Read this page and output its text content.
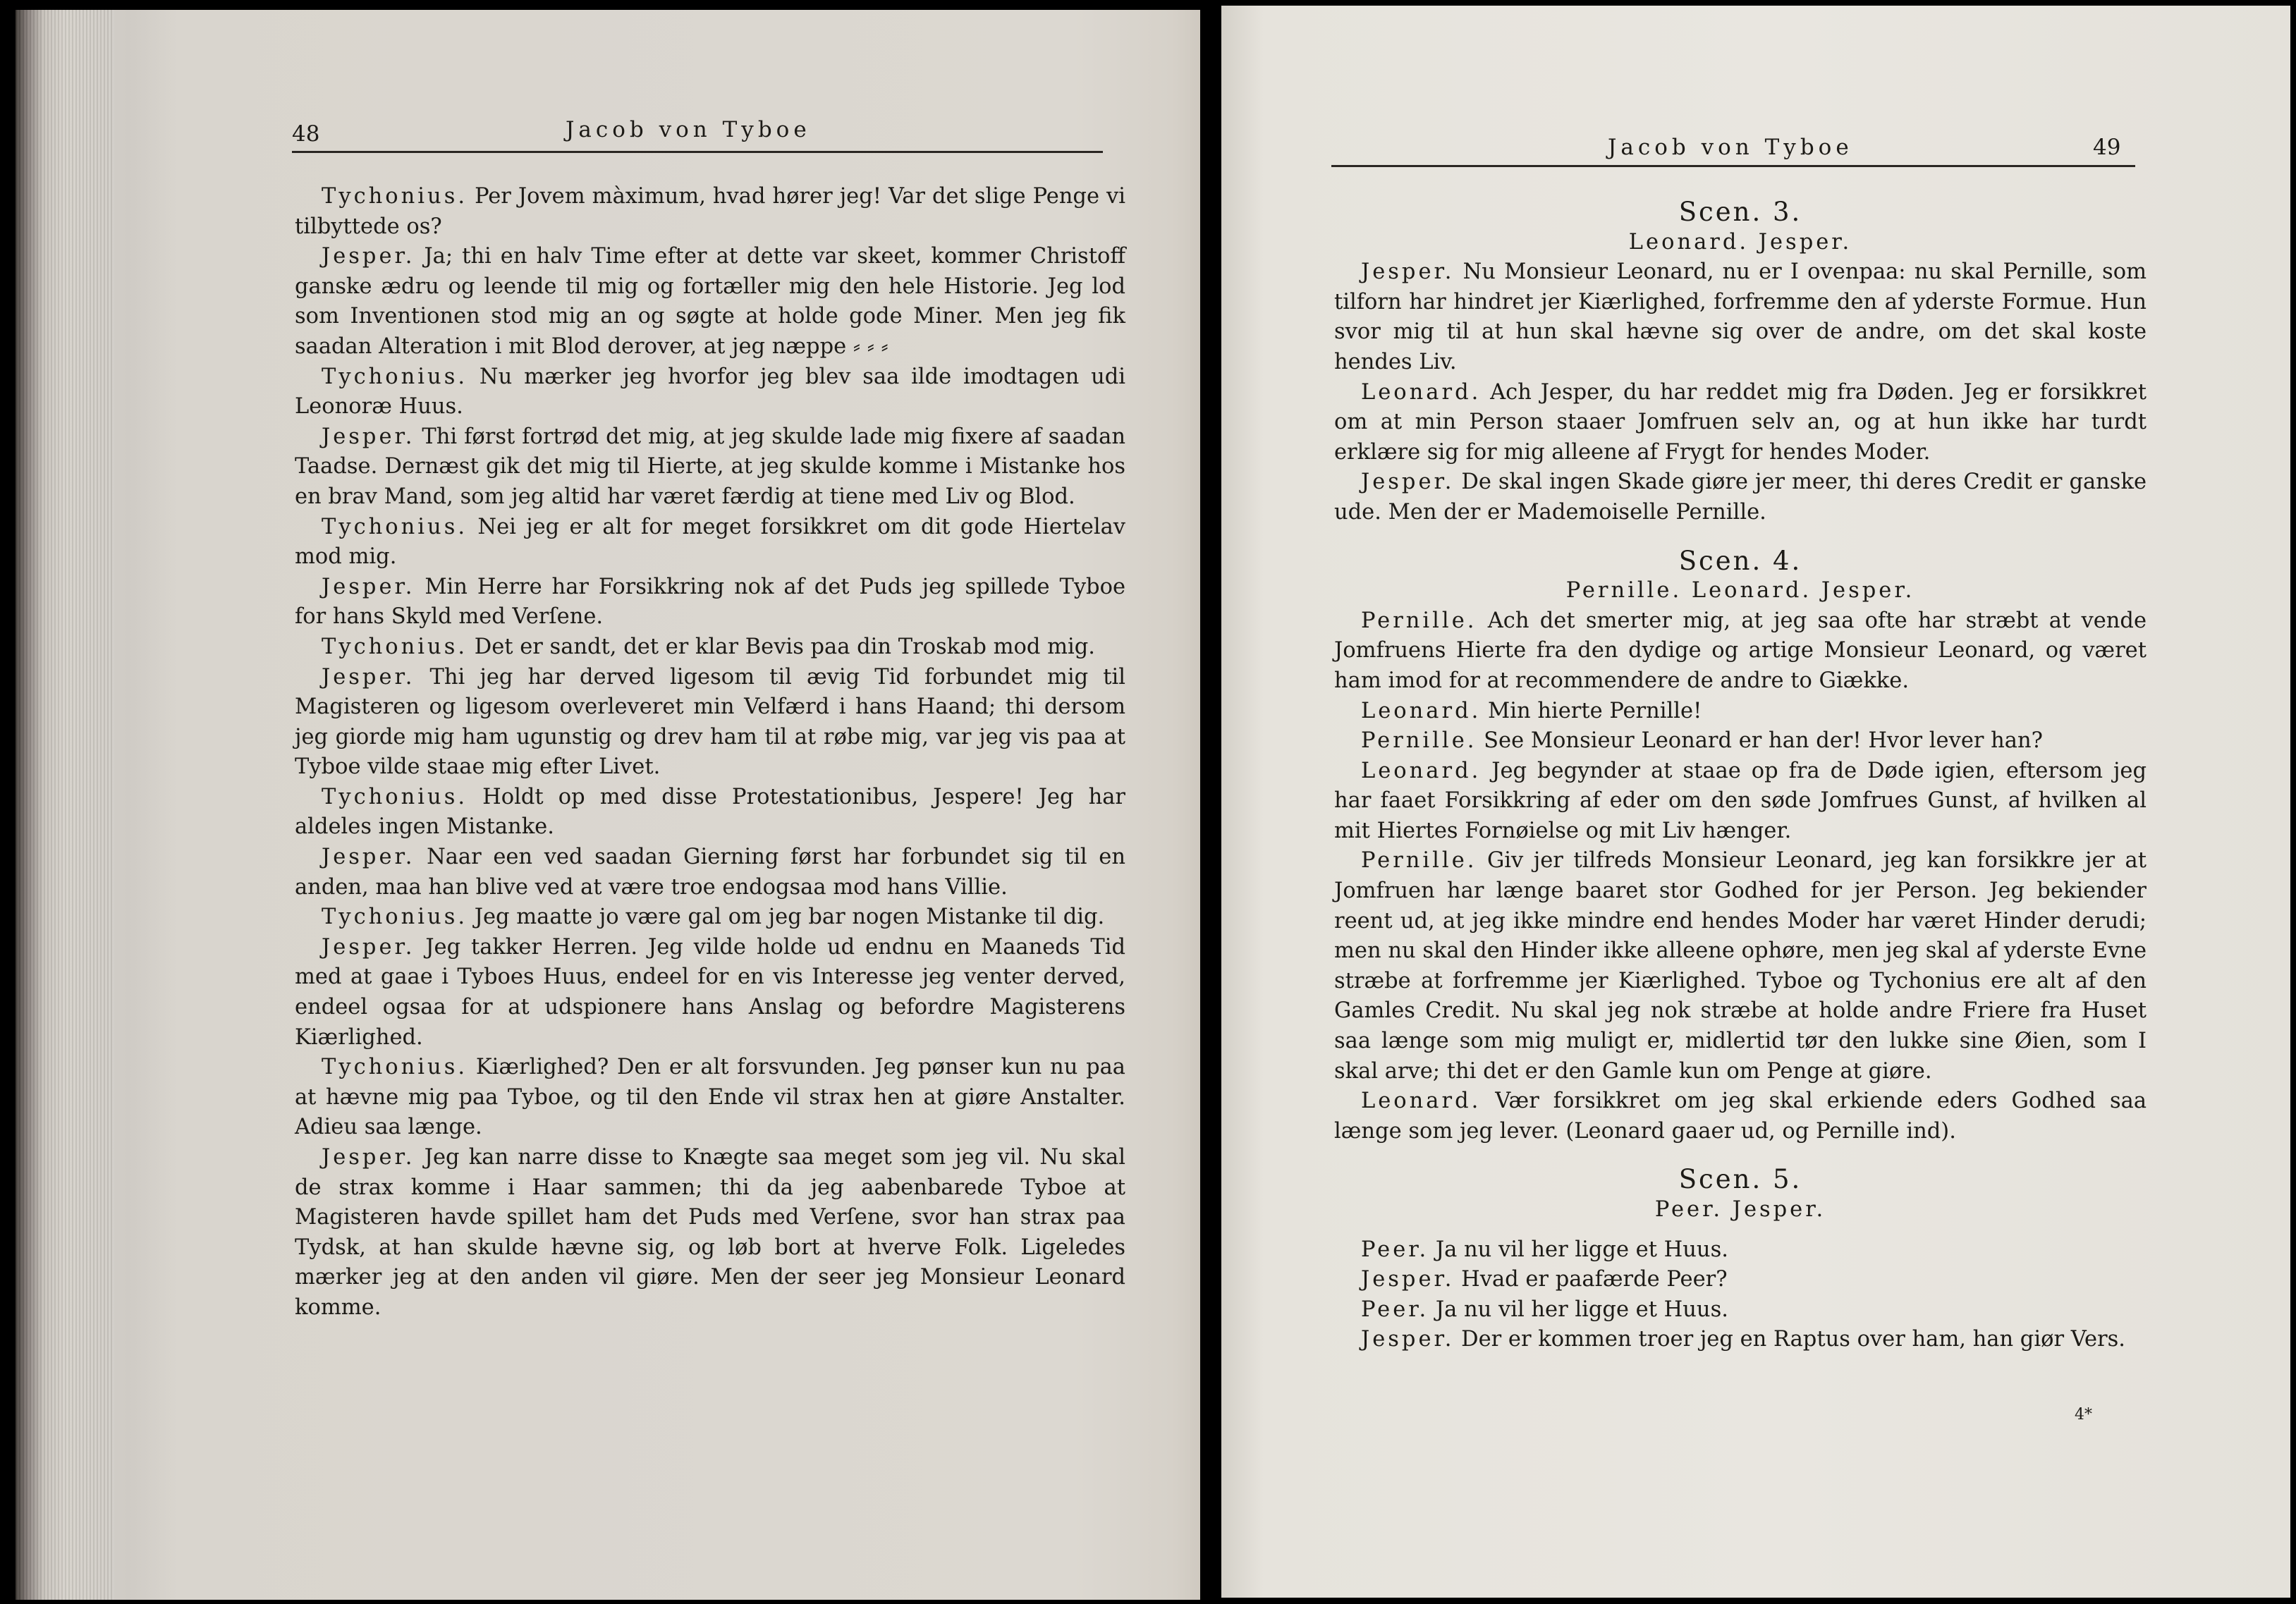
48	Jacob von Tyboe

Tychonius. Per Jovem màximum, hvad hører jeg! Var det slige Penge vi tilbyttede os?

Jesper. Ja; thi en halv Time efter at dette var skeet, kommer Christoff ganske ædru og leende til mig og fortæller mig den hele Historie. Jeg lod som Inventionen stod mig an og søgte at holde gode Miner. Men jeg fik saadan Alteration i mit Blod derover, at jeg næppe ⸗ ⸗ ⸗

Tychonius. Nu mærker jeg hvorfor jeg blev saa ilde imodtagen udi Leonoræ Huus.

Jesper. Thi først fortrød det mig, at jeg skulde lade mig fixere af saadan Taadse. Dernæst gik det mig til Hierte, at jeg skulde komme i Mistanke hos en brav Mand, som jeg altid har været færdig at tiene med Liv og Blod.

Tychonius. Nei jeg er alt for meget forsikkret om dit gode Hiertelav mod mig.

Jesper. Min Herre har Forsikkring nok af det Puds jeg spillede Tyboe for hans Skyld med Verſene.

Tychonius. Det er sandt, det er klar Bevis paa din Troskab mod mig.

Jesper. Thi jeg har derved ligesom til ævig Tid forbundet mig til Magisteren og ligesom overleveret min Velfærd i hans Haand; thi dersom jeg giorde mig ham ugunstig og drev ham til at røbe mig, var jeg vis paa at Tyboe vilde staae mig efter Livet.

Tychonius. Holdt op med disse Protestationibus, Jespere! Jeg har aldeles ingen Mistanke.

Jesper. Naar een ved saadan Gierning først har forbundet sig til en anden, maa han blive ved at være troe endogsaa mod hans Villie.

Tychonius. Jeg maatte jo være gal om jeg bar nogen Mistanke til dig.

Jesper. Jeg takker Herren. Jeg vilde holde ud endnu en Maaneds Tid med at gaae i Tyboes Huus, endeel for en vis Interesse jeg venter derved, endeel ogsaa for at udspionere hans Anslag og befordre Magisterens Kiærlighed.

Tychonius. Kiærlighed? Den er alt forsvunden. Jeg pønser kun nu paa at hævne mig paa Tyboe, og til den Ende vil strax hen at giøre Anstalter. Adieu saa længe.

Jesper. Jeg kan narre disse to Knægte saa meget som jeg vil. Nu skal de strax komme i Haar sammen; thi da jeg aabenbarede Tyboe at Magisteren havde spillet ham det Puds med Verſene, svor han strax paa Tydsk, at han skulde hævne sig, og løb bort at hverve Folk. Ligeledes mærker jeg at den anden vil giøre. Men der seer jeg Monsieur Leonard komme.

Jacob von Tyboe	49

Scen. 3.

Leonard. Jesper.

Jesper. Nu Monsieur Leonard, nu er I ovenpaa: nu skal Pernille, som tilforn har hindret jer Kiærlighed, forfremme den af yderste Formue. Hun svor mig til at hun skal hævne sig over de andre, om det skal koste hendes Liv.

Leonard. Ach Jesper, du har reddet mig fra Døden. Jeg er forsikkret om at min Person staaer Jomfruen selv an, og at hun ikke har turdt erklære sig for mig alleene af Frygt for hendes Moder.

Jesper. De skal ingen Skade giøre jer meer, thi deres Credit er ganske ude. Men der er Mademoiselle Pernille.

Scen. 4.

Pernille. Leonard. Jesper.

Pernille. Ach det smerter mig, at jeg saa ofte har stræbt at vende Jomfruens Hierte fra den dydige og artige Monsieur Leonard, og været ham imod for at recommendere de andre to Giække.

Leonard. Min hierte Pernille!

Pernille. See Monsieur Leonard er han der! Hvor lever han?

Leonard. Jeg begynder at staae op fra de Døde igien, eftersom jeg har faaet Forsikkring af eder om den søde Jomfrues Gunst, af hvilken al mit Hiertes Fornøielse og mit Liv hænger.

Pernille. Giv jer tilfreds Monsieur Leonard, jeg kan forsikkre jer at Jomfruen har længe baaret stor Godhed for jer Person. Jeg bekiender reent ud, at jeg ikke mindre end hendes Moder har været Hinder derudi; men nu skal den Hinder ikke alleene ophøre, men jeg skal af yderste Evne stræbe at forfremme jer Kiærlighed. Tyboe og Tychonius ere alt af den Gamles Credit. Nu skal jeg nok stræbe at holde andre Friere fra Huset saa længe som mig muligt er, midlertid tør den lukke sine Øien, som I skal arve; thi det er den Gamle kun om Penge at giøre.

Leonard. Vær forsikkret om jeg skal erkiende eders Godhed saa længe som jeg lever. (Leonard gaaer ud, og Pernille ind).

Scen. 5.

Peer. Jesper.

Peer. Ja nu vil her ligge et Huus.

Jesper. Hvad er paafærde Peer?

Peer. Ja nu vil her ligge et Huus.

Jesper. Der er kommen troer jeg en Raptus over ham, han giør Vers.

4*
